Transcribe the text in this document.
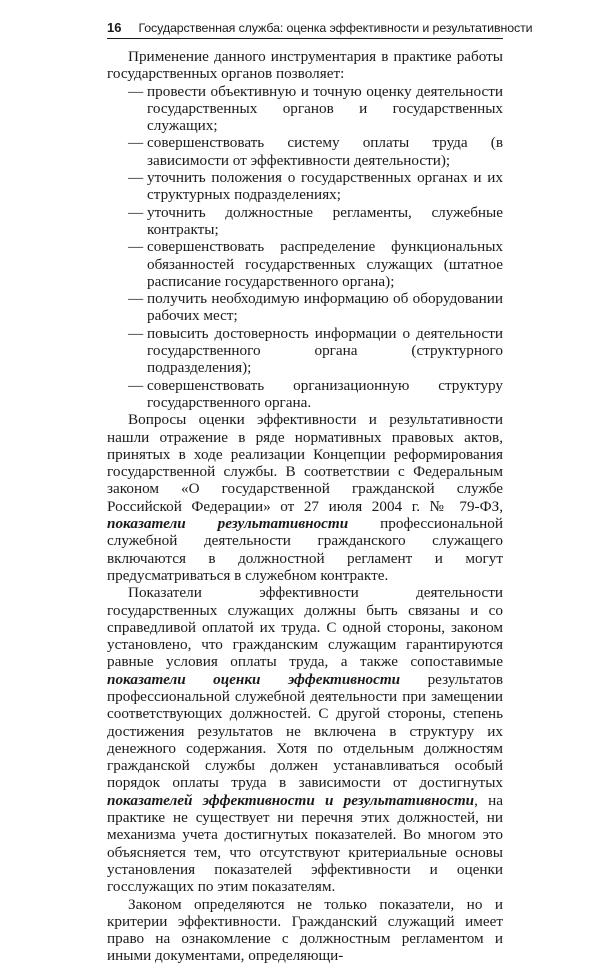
16 Государственная служба: оценка эффективности и результативности

Применение данного инструментария в практике работы государственных органов позволяет:

— провести объективную и точную оценку деятельности государственных органов и государственных служащих;
— совершенствовать систему оплаты труда (в зависимости от эффективности деятельности);
— уточнить положения о государственных органах и их структурных подразделениях;
— уточнить должностные регламенты, служебные контракты;
— совершенствовать распределение функциональных обязанностей государственных служащих (штатное расписание государственного органа);
— получить необходимую информацию об оборудовании рабочих мест;
— повысить достоверность информации о деятельности государственного органа (структурного подразделения);
— совершенствовать организационную структуру государственного органа.

Вопросы оценки эффективности и результативности нашли отражение в ряде нормативных правовых актов, принятых в ходе реализации Концепции реформирования государственной службы. В соответствии с Федеральным законом «О государственной гражданской службе Российской Федерации» от 27 июля 2004 г. № 79-ФЗ, показатели результативности профессиональной служебной деятельности гражданского служащего включаются в должностной регламент и могут предусматриваться в служебном контракте.

Показатели эффективности деятельности государственных служащих должны быть связаны и со справедливой оплатой их труда. С одной стороны, законом установлено, что гражданским служащим гарантируются равные условия оплаты труда, а также сопоставимые показатели оценки эффективности результатов профессиональной служебной деятельности при замещении соответствующих должностей. С другой стороны, степень достижения результатов не включена в структуру их денежного содержания. Хотя по отдельным должностям гражданской службы должен устанавливаться особый порядок оплаты труда в зависимости от достигнутых показателей эффективности и результативности, на практике не существует ни перечня этих должностей, ни механизма учета достигнутых показателей. Во многом это объясняется тем, что отсутствуют критериальные основы установления показателей эффективности и оценки госслужащих по этим показателям.

Законом определяются не только показатели, но и критерии эффективности. Гражданский служащий имеет право на ознакомление с должностным регламентом и иными документами, определяющи-
